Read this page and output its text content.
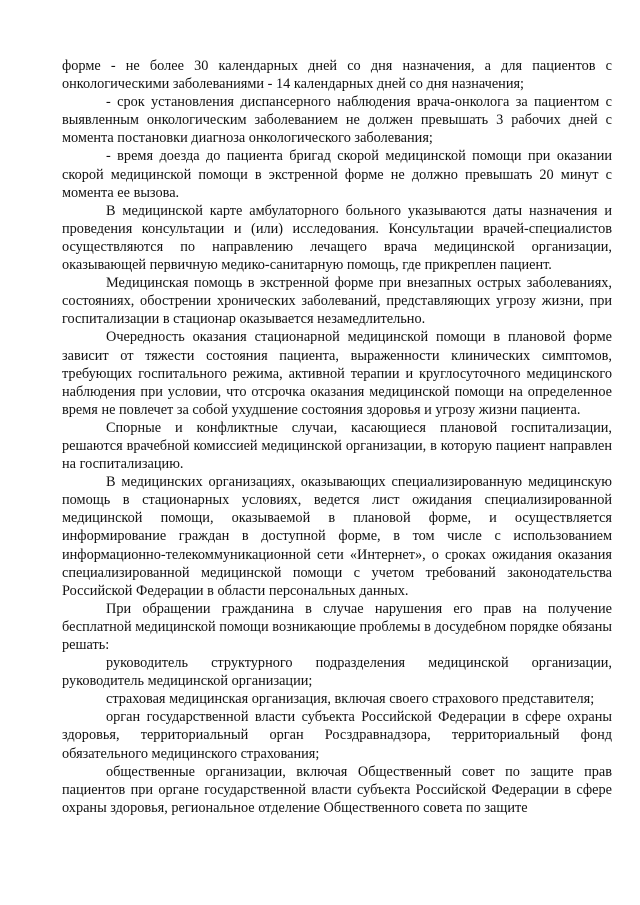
форме - не более 30 календарных дней со дня назначения, а для пациентов с онкологическими заболеваниями - 14 календарных дней со дня назначения;

- срок установления диспансерного наблюдения врача-онколога за пациентом с выявленным онкологическим заболеванием не должен превышать 3 рабочих дней с момента постановки диагноза онкологического заболевания;

- время доезда до пациента бригад скорой медицинской помощи при оказании скорой медицинской помощи в экстренной форме не должно превышать 20 минут с момента ее вызова.

В медицинской карте амбулаторного больного указываются даты назначения и проведения консультации и (или) исследования. Консультации врачей-специалистов осуществляются по направлению лечащего врача медицинской организации, оказывающей первичную медико-санитарную помощь, где прикреплен пациент.

Медицинская помощь в экстренной форме при внезапных острых заболеваниях, состояниях, обострении хронических заболеваний, представляющих угрозу жизни, при госпитализации в стационар оказывается незамедлительно.

Очередность оказания стационарной медицинской помощи в плановой форме зависит от тяжести состояния пациента, выраженности клинических симптомов, требующих госпитального режима, активной терапии и круглосуточного медицинского наблюдения при условии, что отсрочка оказания медицинской помощи на определенное время не повлечет за собой ухудшение состояния здоровья и угрозу жизни пациента.

Спорные и конфликтные случаи, касающиеся плановой госпитализации, решаются врачебной комиссией медицинской организации, в которую пациент направлен на госпитализацию.

В медицинских организациях, оказывающих специализированную медицинскую помощь в стационарных условиях, ведется лист ожидания специализированной медицинской помощи, оказываемой в плановой форме, и осуществляется информирование граждан в доступной форме, в том числе с использованием информационно-телекоммуникационной сети «Интернет», о сроках ожидания оказания специализированной медицинской помощи с учетом требований законодательства Российской Федерации в области персональных данных.

При обращении гражданина в случае нарушения его прав на получение бесплатной медицинской помощи возникающие проблемы в досудебном порядке обязаны решать:

руководитель структурного подразделения медицинской организации, руководитель медицинской организации;

страховая медицинская организация, включая своего страхового представителя;

орган государственной власти субъекта Российской Федерации в сфере охраны здоровья, территориальный орган Росздравнадзора, территориальный фонд обязательного медицинского страхования;

общественные организации, включая Общественный совет по защите прав пациентов при органе государственной власти субъекта Российской Федерации в сфере охраны здоровья, региональное отделение Общественного совета по защите
